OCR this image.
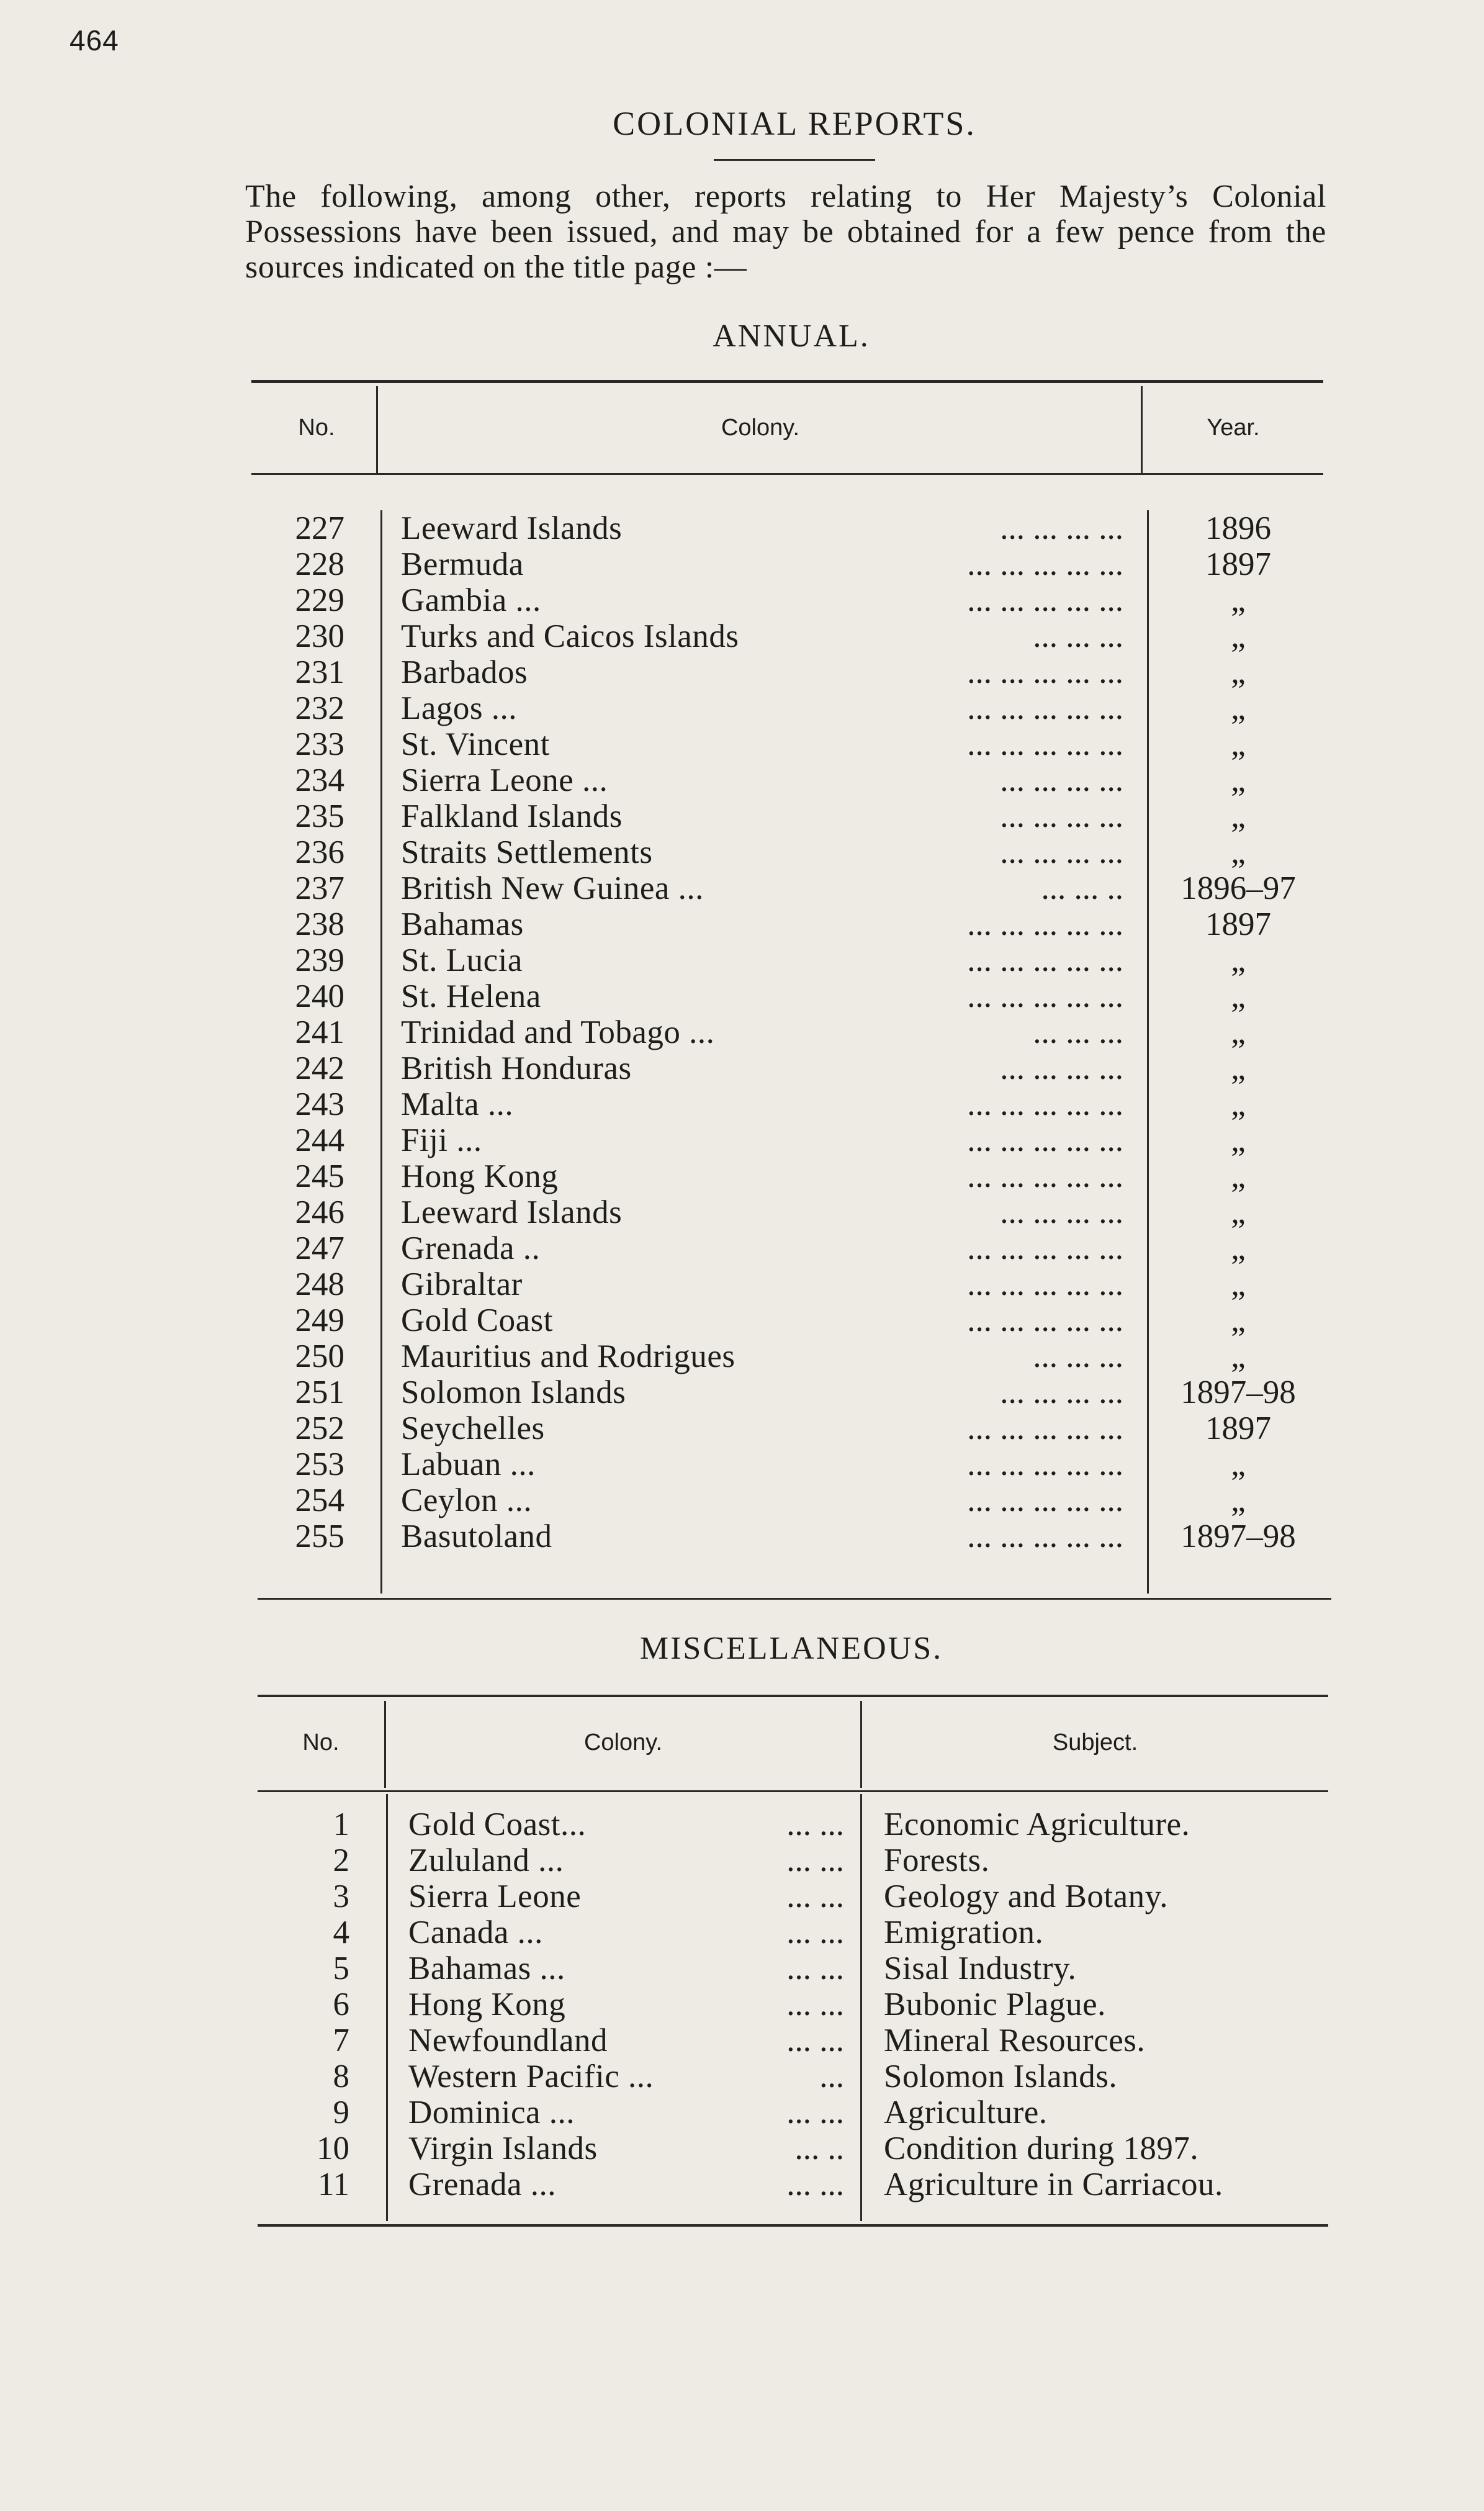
464
COLONIAL REPORTS.
The following, among other, reports relating to Her Majesty’s Colonial Possessions have been issued, and may be obtained for a few pence from the sources indicated on the title page :—
ANNUAL.
No.	Colony.	Year.
227 Leeward Islands	... ... ... ...	1896
228 Bermuda	... ... ... ... ...	1897
229 Gambia ...	... ... ... ... ...	„
230 Turks and Caicos Islands	... ... ...	„
231 Barbados	... ... ... ... ...	„
232 Lagos ...	... ... ... ... ...	„
233 St. Vincent	... ... ... ... ...	„
234 Sierra Leone ...	... ... ... ...	„
235 Falkland Islands	... ... ... ...	„
236 Straits Settlements	... ... ... ...	„
237 British New Guinea ...	... ... ..	1896–97
238 Bahamas	... ... ... ... ...	1897
239 St. Lucia	... ... ... ... ...	„
240 St. Helena	... ... ... ... ...	„
241 Trinidad and Tobago ...	... ... ...	„
242 British Honduras	... ... ... ...	„
243 Malta ...	... ... ... ... ...	„
244 Fiji ...	... ... ... ... ...	„
245 Hong Kong	... ... ... ... ...	„
246 Leeward Islands	... ... ... ...	„
247 Grenada ..	... ... ... ... ...	„
248 Gibraltar	... ... ... ... ...	„
249 Gold Coast	... ... ... ... ...	„
250 Mauritius and Rodrigues	... ... ...	„
251 Solomon Islands	... ... ... ...	1897–98
252 Seychelles	... ... ... ... ...	1897
253 Labuan ...	... ... ... ... ...	„
254 Ceylon ...	... ... ... ... ...	„
255 Basutoland	... ... ... ... ...	1897–98
MISCELLANEOUS.
No.	Colony.	Subject.
1 Gold Coast...	... ... Economic Agriculture.
2 Zululand ...	... ... Forests.
3 Sierra Leone	... ... Geology and Botany.
4 Canada ...	... ... Emigration.
5 Bahamas ...	... ... Sisal Industry.
6 Hong Kong	... ... Bubonic Plague.
7 Newfoundland	... ... Mineral Resources.
8 Western Pacific ...	... Solomon Islands.
9 Dominica ...	... ... Agriculture.
10 Virgin Islands	... .. Condition during 1897.
11 Grenada ...	... ... Agriculture in Carriacou.
